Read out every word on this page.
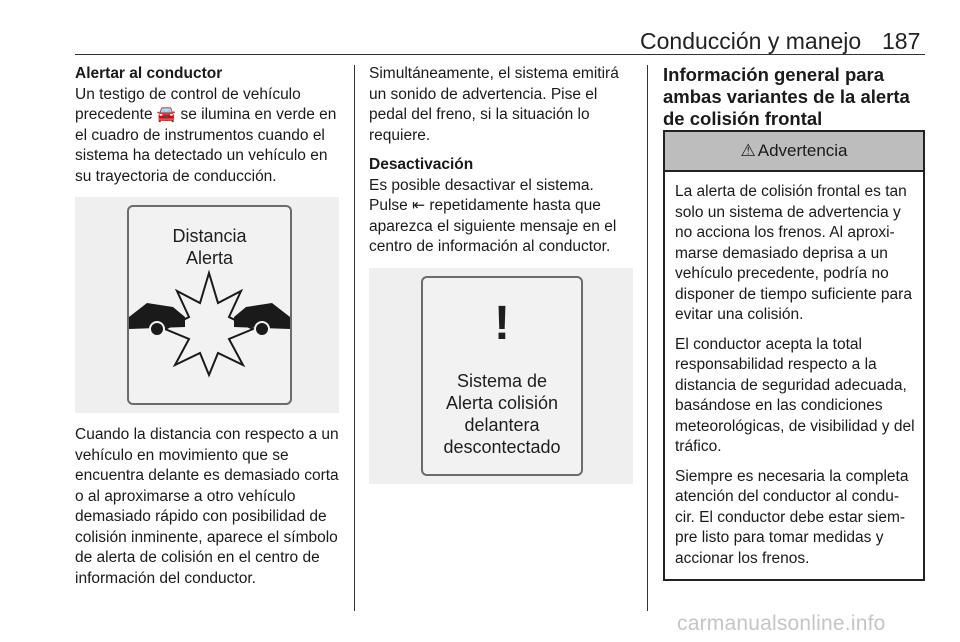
Conducción y manejo 187

Alertar al conductor

Un testigo de control de vehículo precedente 🚘 se ilumina en verde en el cuadro de instrumentos cuando el sistema ha detectado un vehículo en su trayectoria de conducción.

Distancia
Alerta

Cuando la distancia con respecto a un vehículo en movimiento que se encuentra delante es demasiado corta o al aproximarse a otro vehículo demasiado rápido con posibilidad de colisión inminente, aparece el símbolo de alerta de colisión en el centro de información del conductor.

Simultáneamente, el sistema emitirá un sonido de advertencia. Pise el pedal del freno, si la situación lo requiere.

Desactivación

Es posible desactivar el sistema. Pulse ⇤ repetidamente hasta que aparezca el siguiente mensaje en el centro de información al conductor.

!
Sistema de
Alerta colisión
delantera
descontectado

Información general para ambas variantes de la alerta de colisión frontal

⚠ Advertencia

La alerta de colisión frontal es tan solo un sistema de advertencia y no acciona los frenos. Al aproxi-marse demasiado deprisa a un vehículo precedente, podría no disponer de tiempo suficiente para evitar una colisión.

El conductor acepta la total responsabilidad respecto a la distancia de seguridad adecuada, basándose en las condiciones meteorológicas, de visibilidad y del tráfico.

Siempre es necesaria la completa atención del conductor al condu-cir. El conductor debe estar siem-pre listo para tomar medidas y accionar los frenos.

carmanualsonline.info
